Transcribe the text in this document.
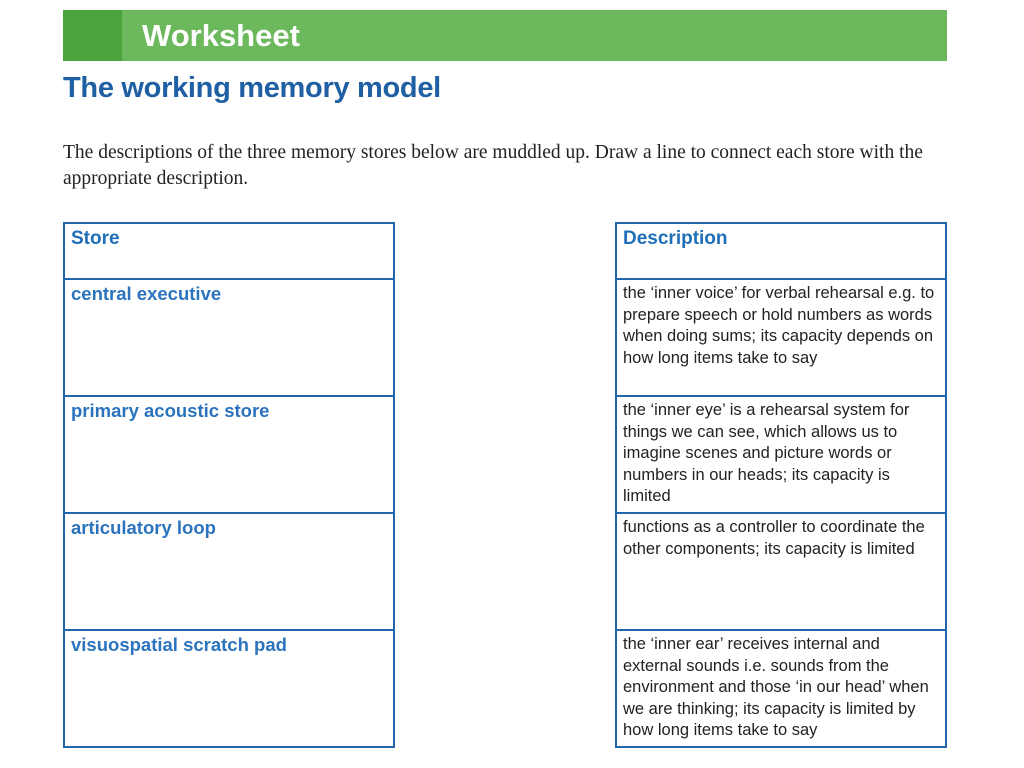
Worksheet
The working memory model

The descriptions of the three memory stores below are muddled up. Draw a line to connect each store with the appropriate description.

Store

central executive

primary acoustic store

articulatory loop

visuospatial scratch pad
Description

the ‘inner voice’ for verbal rehearsal e.g. to prepare speech or hold numbers as words when doing sums; its capacity depends on how long items take to say

the ‘inner eye’ is a rehearsal system for things we can see, which allows us to imagine scenes and picture words or numbers in our heads; its capacity is limited

functions as a controller to coordinate the other components; its capacity is limited

the ‘inner ear’ receives internal and external sounds i.e. sounds from the environment and those ‘in our head’ when we are thinking; its capacity is limited by how long items take to say
